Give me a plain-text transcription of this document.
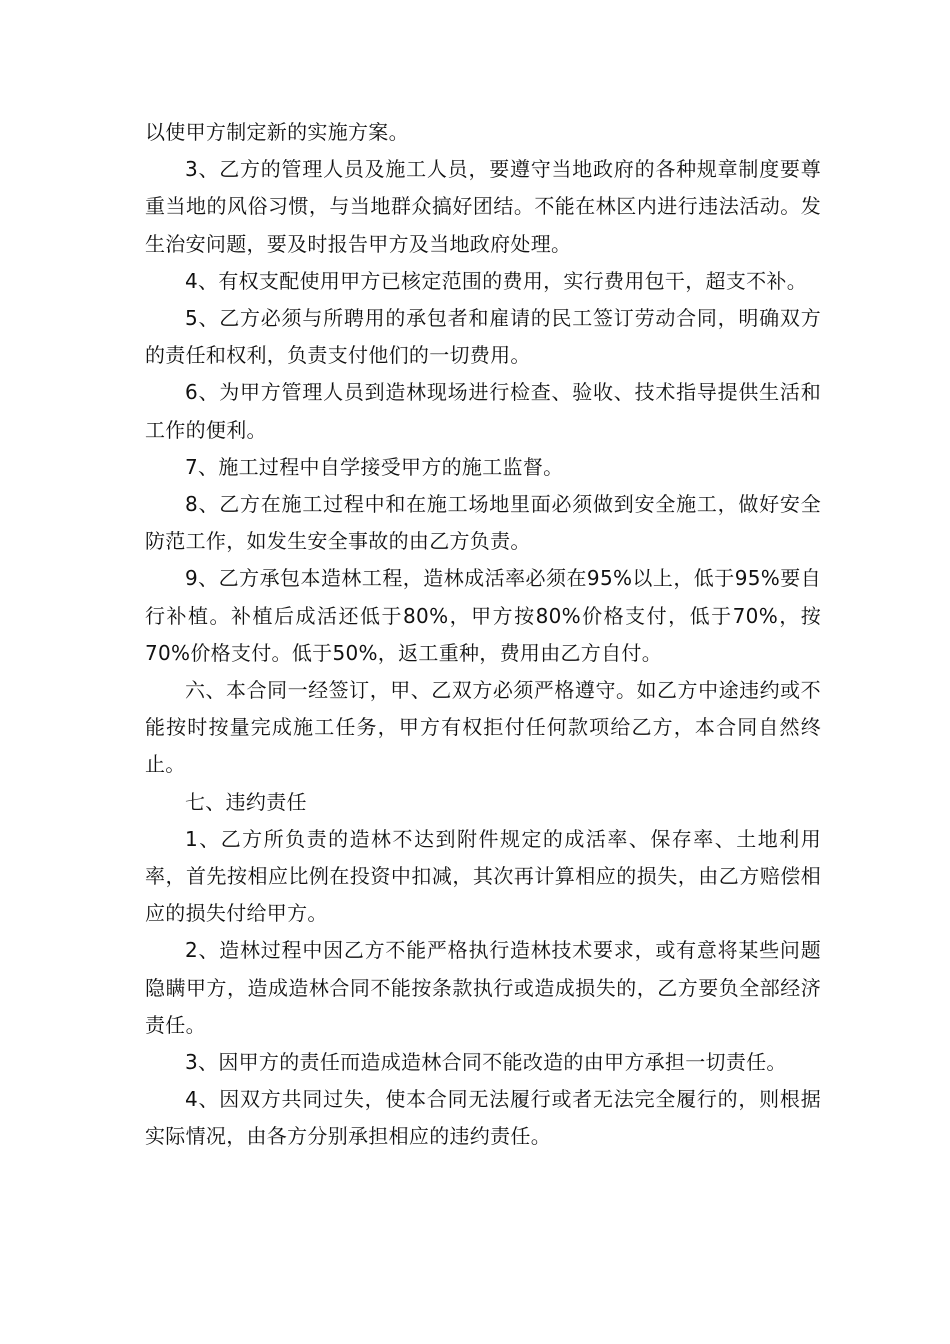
以使甲方制定新的实施方案。

3、乙方的管理人员及施工人员，要遵守当地政府的各种规章制度要尊重当地的风俗习惯，与当地群众搞好团结。不能在林区内进行违法活动。发生治安问题，要及时报告甲方及当地政府处理。

4、有权支配使用甲方已核定范围的费用，实行费用包干，超支不补。

5、乙方必须与所聘用的承包者和雇请的民工签订劳动合同，明确双方的责任和权利，负责支付他们的一切费用。

6、为甲方管理人员到造林现场进行检查、验收、技术指导提供生活和工作的便利。

7、施工过程中自学接受甲方的施工监督。

8、乙方在施工过程中和在施工场地里面必须做到安全施工，做好安全防范工作，如发生安全事故的由乙方负责。

9、乙方承包本造林工程，造林成活率必须在95%以上，低于95%要自行补植。补植后成活还低于80%，甲方按80%价格支付，低于70%，按70%价格支付。低于50%，返工重种，费用由乙方自付。

六、本合同一经签订，甲、乙双方必须严格遵守。如乙方中途违约或不能按时按量完成施工任务，甲方有权拒付任何款项给乙方，本合同自然终止。

七、违约责任

1、乙方所负责的造林不达到附件规定的成活率、保存率、土地利用率，首先按相应比例在投资中扣减，其次再计算相应的损失，由乙方赔偿相应的损失付给甲方。

2、造林过程中因乙方不能严格执行造林技术要求，或有意将某些问题隐瞒甲方，造成造林合同不能按条款执行或造成损失的，乙方要负全部经济责任。

3、因甲方的责任而造成造林合同不能改造的由甲方承担一切责任。

4、因双方共同过失，使本合同无法履行或者无法完全履行的，则根据实际情况，由各方分别承担相应的违约责任。
